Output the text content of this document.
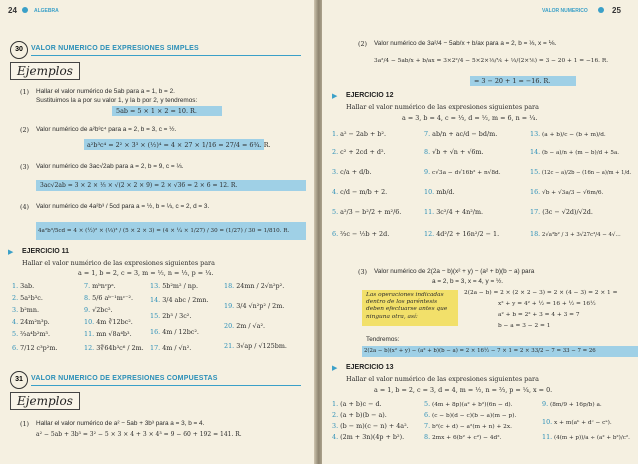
24	ALGEBRA
30	VALOR NUMERICO DE EXPRESIONES SIMPLES
Ejemplos
(1) Hallar el valor numérico de 5ab para a = 1, b = 2.
Sustituimos la a por su valor 1, y la b por 2, y tendremos:
5ab = 5 × 1 × 2 = 10. R.
(2) Valor numérico de a²b³c⁴ para a = 2, b = 3, c = ½.
a²b³c⁴ = 2² × 3³ × (½)⁴ = 4 × 27 × 1/16 = 27/4 = 6¾. R.
(3) Valor numérico de 3ac√2ab para a = 2, b = 9, c = ⅓.
3ac√2ab = 3 × 2 × ⅓ × √(2 × 2 × 9) = 2 × √36 = 2 × 6 = 12. R.
(4) Valor numérico de 4a²b³ / 5cd para a = ½, b = ⅓, c = 2, d = 3.
4a²b³/5cd = 4 × (½)² × (⅓)³ / (5 × 2 × 3) = (4 × ¼ × 1/27) / 30 = (1/27) / 30 = 1/810. R.
▶ EJERCICIO 11
Hallar el valor numérico de las expresiones siguientes para
a = 1, b = 2, c = 3, m = ½, n = ⅓, p = ¼.
1. 3ab.
2. 5a²b³c.
3. b²mn.
4. 24m²n³p.
5. ⅔a⁴b²m³.
6. 7/12 c³p²m.
7. mᵇnᶜpᵃ.
8. 5/6 aᵇ⁻¹mᶜ⁻².
9. √2bc².
10. 4m ∛12bc².
11. mn √8a⁴b³.
12. 3∜64b³c⁶ / 2m.
13. 5b²m² / np.
14. 3/4 abc / 2mn.
15. 2b³ / 3c².
16. 4m / 12bc².
17. 4m / √n².
18. 24mn / 2√n²p².
19. 3/4 √n²p² / 2m.
20. 2m / √a².
21. 3√ap / √125bm.
31	VALOR NUMERICO DE EXPRESIONES COMPUESTAS
Ejemplos
(1) Hallar el valor numérico de a² − 5ab + 3b³ para a = 3, b = 4.
a² − 5ab + 3b³ = 3² − 5 × 3 × 4 + 3 × 4³ = 9 − 60 + 192 = 141. R.
VALOR NUMERICO	25
(2) Valor numérico de 3a²/4 − 5ab/x + b/ax para a = 2, b = ⅓, x = ⅙.
3a²/4 − 5ab/x + b/ax = 3×2²/4 − 5×2×⅓/⅙ + ⅓/(2×⅙) = 3 − 20 + 1 = −16. R.
= 3 − 20 + 1 = −16. R.
▶ EJERCICIO 12
Hallar el valor numérico de las expresiones siguientes para
a = 3, b = 4, c = ⅓, d = ½, m = 6, n = ¼.
1. a² − 2ab + b².
2. c² + 2cd + d².
3. c/a + d/b.
4. c/d − m/b + 2.
5. a²/3 − b²/2 + m²/6.
6. ⅔c − ½b + 2d.
7. ab/n + ac/d − bd/m.
8. √b + √n + √6m.
9. c√3a − d√16b² + n√8d.
10. mb/d.
11. 3c²/4 + 4n²/m.
12. 4d²/2 + 16n²/2 − 1.
13. (a + b)/c − (b + m)/d.
14. (b − a)/n + (m − b)/d + 5a.
15. (12c − a)/2b − (16n − a)/m + 1/d.
16. √b + √3a/3 − √6m/6.
17. (3c − √2d)/√2d.
18. 2√a³b² / 3 + 3√27c³/4 − 4√…
(3) Valor numérico de 2(2a − b)(x² + y) − (a² + b)(b − a) para
a = 2, b = 3, x = 4, y = ½.
Las operaciones indicadas dentro de los paréntesis deben efectuarse antes que ninguna otra, así:
2(2a − b) = 2 × (2 × 2 − 3) = 2 × (4 − 3) = 2 × 1 =
x² + y = 4² + ½ = 16 + ½ = 16½
a² + b = 2² + 3 = 4 + 3 = 7
b − a = 3 − 2 = 1
Tendremos:
2(2a − b)(x² + y) − (a² + b)(b − a) = 2 × 16½ − 7 × 1 = 2 × 33/2 − 7 = 33 − 7 = 26
▶ EJERCICIO 13
Hallar el valor numérico de las expresiones siguientes para
a = 1, b = 2, c = 3, d = 4, m = ½, n = ⅔, p = ¼, x = 0.
1. (a + b)c − d.
2. (a + b)(b − a).
3. (b − m)(c − n) + 4a².
4. (2m + 3n)(4p + b²).
5. (4m + 8p)(a² + b²)(6n − d).
6. (c − b)(d − c)(b − a)(m − p).
7. b²(c + d) − a²(m + n) + 2x.
8. 2mx + 6(b² + c²) − 4d².
9. (8m/9 + 16p/b) a.
10. x + m(aᵇ + dᶜ − cᵃ).
11. (4(m + p))/a ÷ (a² + b²)/c².
